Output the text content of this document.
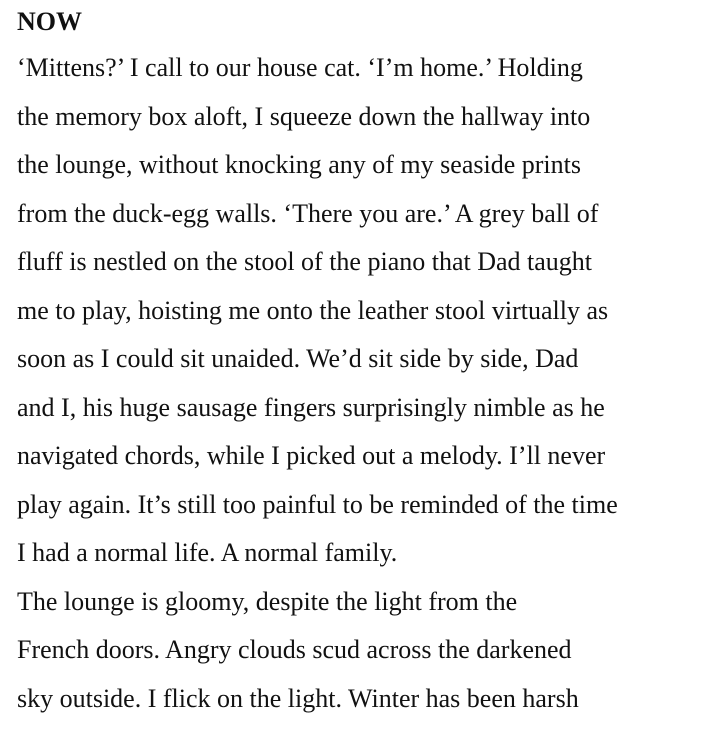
NOW

‘Mittens?’ I call to our house cat. ‘I’m home.’ Holding
the memory box aloft, I squeeze down the hallway into
the lounge, without knocking any of my seaside prints
from the duck-egg walls. ‘There you are.’ A grey ball of
fluff is nestled on the stool of the piano that Dad taught
me to play, hoisting me onto the leather stool virtually as
soon as I could sit unaided. We’d sit side by side, Dad
and I, his huge sausage fingers surprisingly nimble as he
navigated chords, while I picked out a melody. I’ll never
play again. It’s still too painful to be reminded of the time
I had a normal life. A normal family.

The lounge is gloomy, despite the light from the
French doors. Angry clouds scud across the darkened
sky outside. I flick on the light. Winter has been harsh
